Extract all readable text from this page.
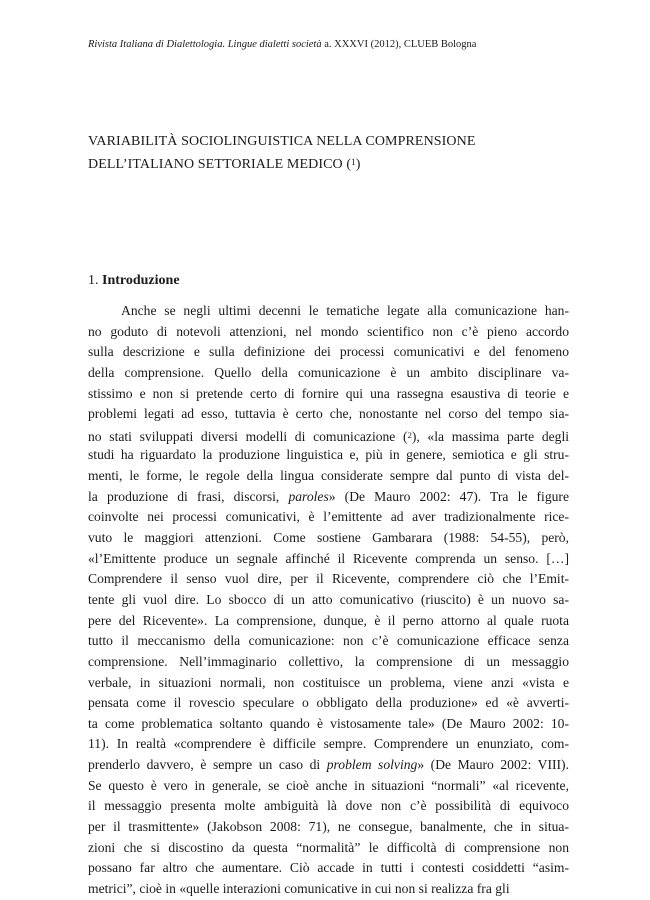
Rivista Italiana di Dialettologia. Lingue dialetti società a. XXXVI (2012), CLUEB Bologna
VARIABILITÀ SOCIOLINGUISTICA NELLA COMPRENSIONE
DELL’ITALIANO SETTORIALE MEDICO ($^1$)
1. Introduzione
Anche se negli ultimi decenni le tematiche legate alla comunicazione han-
no goduto di notevoli attenzioni, nel mondo scientifico non c’è pieno accordo
sulla descrizione e sulla definizione dei processi comunicativi e del fenomeno
della comprensione. Quello della comunicazione è un ambito disciplinare va-
stissimo e non si pretende certo di fornire qui una rassegna esaustiva di teorie e
problemi legati ad esso, tuttavia è certo che, nonostante nel corso del tempo sia-
no stati sviluppati diversi modelli di comunicazione ($^2$), «la massima parte degli
studi ha riguardato la produzione linguistica e, più in genere, semiotica e gli stru-
menti, le forme, le regole della lingua considerate sempre dal punto di vista del-
la produzione di frasi, discorsi, paroles» (De Mauro 2002: 47). Tra le figure
coinvolte nei processi comunicativi, è l’emittente ad aver tradizionalmente rice-
vuto le maggiori attenzioni. Come sostiene Gambarara (1988: 54-55), però,
«l’Emittente produce un segnale affinché il Ricevente comprenda un senso. […]
Comprendere il senso vuol dire, per il Ricevente, comprendere ciò che l’Emit-
tente gli vuol dire. Lo sbocco di un atto comunicativo (riuscito) è un nuovo sa-
pere del Ricevente». La comprensione, dunque, è il perno attorno al quale ruota
tutto il meccanismo della comunicazione: non c’è comunicazione efficace senza
comprensione. Nell’immaginario collettivo, la comprensione di un messaggio
verbale, in situazioni normali, non costituisce un problema, viene anzi «vista e
pensata come il rovescio speculare o obbligato della produzione» ed «è avverti-
ta come problematica soltanto quando è vistosamente tale» (De Mauro 2002: 10-
11). In realtà «comprendere è difficile sempre. Comprendere un enunziato, com-
prenderlo davvero, è sempre un caso di problem solving» (De Mauro 2002: VIII).
Se questo è vero in generale, se cioè anche in situazioni “normali” «al ricevente,
il messaggio presenta molte ambiguità là dove non c’è possibilità di equivoco
per il trasmittente» (Jakobson 2008: 71), ne consegue, banalmente, che in situa-
zioni che si discostino da questa “normalità” le difficoltà di comprensione non
possano far altro che aumentare. Ciò accade in tutti i contesti cosiddetti “asim-
metrici”, cioè in «quelle interazioni comunicative in cui non si realizza fra gli
